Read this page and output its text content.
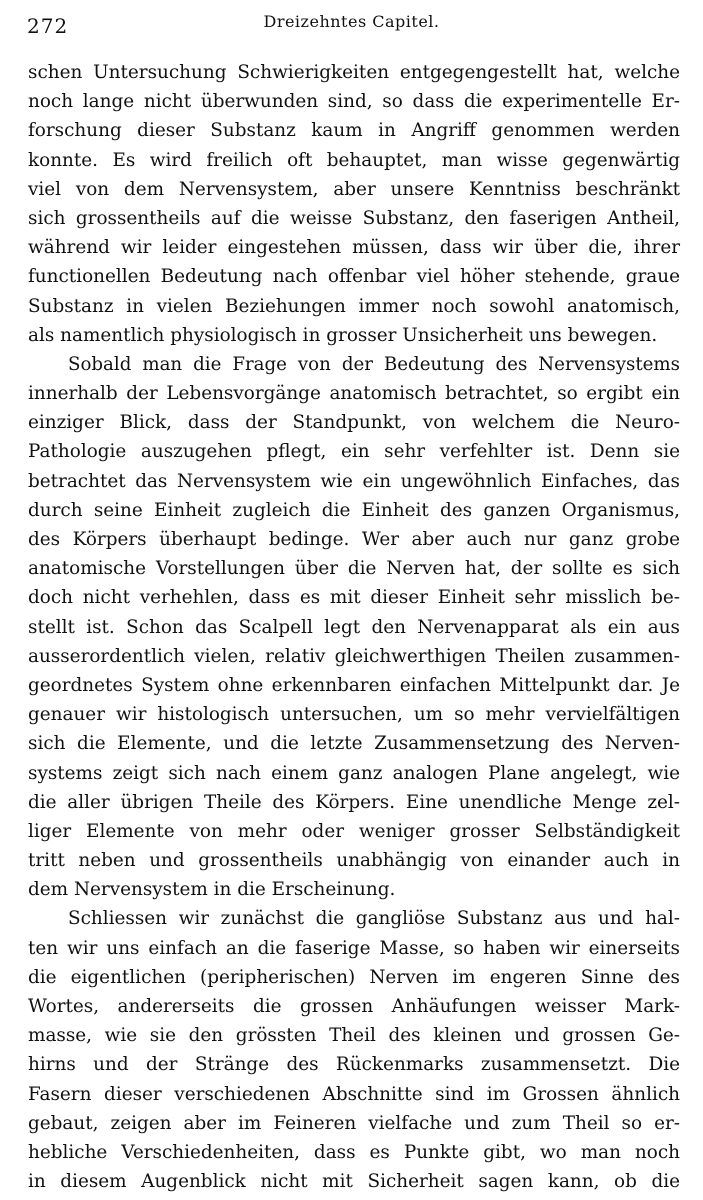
272	Dreizehntes Capitel.
schen Untersuchung Schwierigkeiten entgegengestellt hat, welche
noch lange nicht überwunden sind, so dass die experimentelle Er-
forschung dieser Substanz kaum in Angriff genommen werden
konnte. Es wird freilich oft behauptet, man wisse gegenwärtig
viel von dem Nervensystem, aber unsere Kenntniss beschränkt
sich grossentheils auf die weisse Substanz, den faserigen Antheil,
während wir leider eingestehen müssen, dass wir über die, ihrer
functionellen Bedeutung nach offenbar viel höher stehende, graue
Substanz in vielen Beziehungen immer noch sowohl anatomisch,
als namentlich physiologisch in grosser Unsicherheit uns bewegen.
Sobald man die Frage von der Bedeutung des Nervensystems
innerhalb der Lebensvorgänge anatomisch betrachtet, so ergibt ein
einziger Blick, dass der Standpunkt, von welchem die Neuro-
Pathologie auszugehen pflegt, ein sehr verfehlter ist. Denn sie
betrachtet das Nervensystem wie ein ungewöhnlich Einfaches, das
durch seine Einheit zugleich die Einheit des ganzen Organismus,
des Körpers überhaupt bedinge. Wer aber auch nur ganz grobe
anatomische Vorstellungen über die Nerven hat, der sollte es sich
doch nicht verhehlen, dass es mit dieser Einheit sehr misslich be-
stellt ist. Schon das Scalpell legt den Nervenapparat als ein aus
ausserordentlich vielen, relativ gleichwerthigen Theilen zusammen-
geordnetes System ohne erkennbaren einfachen Mittelpunkt dar. Je
genauer wir histologisch untersuchen, um so mehr vervielfältigen
sich die Elemente, und die letzte Zusammensetzung des Nerven-
systems zeigt sich nach einem ganz analogen Plane angelegt, wie
die aller übrigen Theile des Körpers. Eine unendliche Menge zel-
liger Elemente von mehr oder weniger grosser Selbständigkeit
tritt neben und grossentheils unabhängig von einander auch in
dem Nervensystem in die Erscheinung.
Schliessen wir zunächst die gangliöse Substanz aus und hal-
ten wir uns einfach an die faserige Masse, so haben wir einerseits
die eigentlichen (peripherischen) Nerven im engeren Sinne des
Wortes, andererseits die grossen Anhäufungen weisser Mark-
masse, wie sie den grössten Theil des kleinen und grossen Ge-
hirns und der Stränge des Rückenmarks zusammensetzt. Die
Fasern dieser verschiedenen Abschnitte sind im Grossen ähnlich
gebaut, zeigen aber im Feineren vielfache und zum Theil so er-
hebliche Verschiedenheiten, dass es Punkte gibt, wo man noch
in diesem Augenblick nicht mit Sicherheit sagen kann, ob die
